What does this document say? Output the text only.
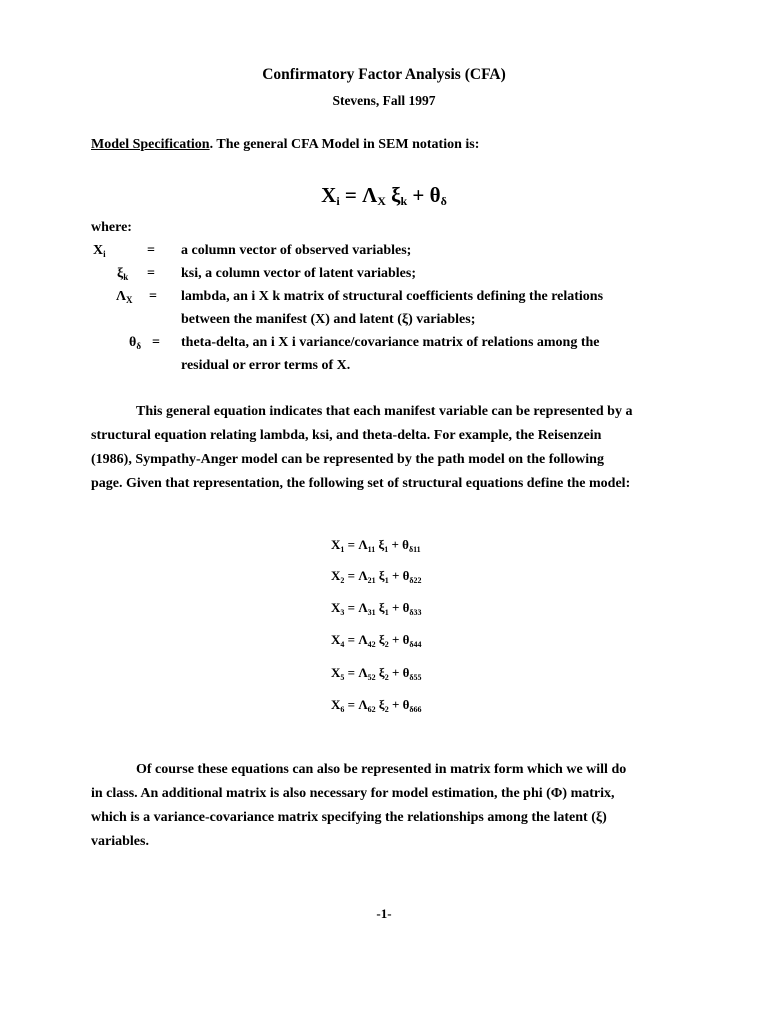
Confirmatory Factor Analysis (CFA)
Stevens, Fall 1997
Model Specification. The general CFA Model in SEM notation is:
$X_i = \Lambda_X$ $\xi_k + \theta_\delta$
where:
$X_i$	= a column vector of observed variables;
$\xi_k$ = ksi, a column vector of latent variables;
$\Lambda_X$ = lambda, an i X k matrix of structural coefficients defining the relations
between the manifest (X) and latent (ξ) variables;
$\theta_\delta$ = theta-delta, an i X i variance/covariance matrix of relations among the
residual or error terms of X.
This general equation indicates that each manifest variable can be represented by a
structural equation relating lambda, ksi, and theta-delta. For example, the Reisenzein
(1986), Sympathy-Anger model can be represented by the path model on the following
page. Given that representation, the following set of structural equations define the model:
$X_1 = \Lambda_{11}$ $\xi_1 + \theta_{\delta 11}$
$X_2 = \Lambda_{21}$ $\xi_1 + \theta_{\delta 22}$
$X_3 = \Lambda_{31}$ $\xi_1 + \theta_{\delta 33}$
$X_4 = \Lambda_{42}$ $\xi_2 + \theta_{\delta 44}$
$X_5 = \Lambda_{52}$ $\xi_2 + \theta_{\delta 55}$
$X_6 = \Lambda_{62}$ $\xi_2 + \theta_{\delta 66}$
Of course these equations can also be represented in matrix form which we will do
in class. An additional matrix is also necessary for model estimation, the phi (Φ) matrix,
which is a variance-covariance matrix specifying the relationships among the latent (ξ)
variables.
-1-
